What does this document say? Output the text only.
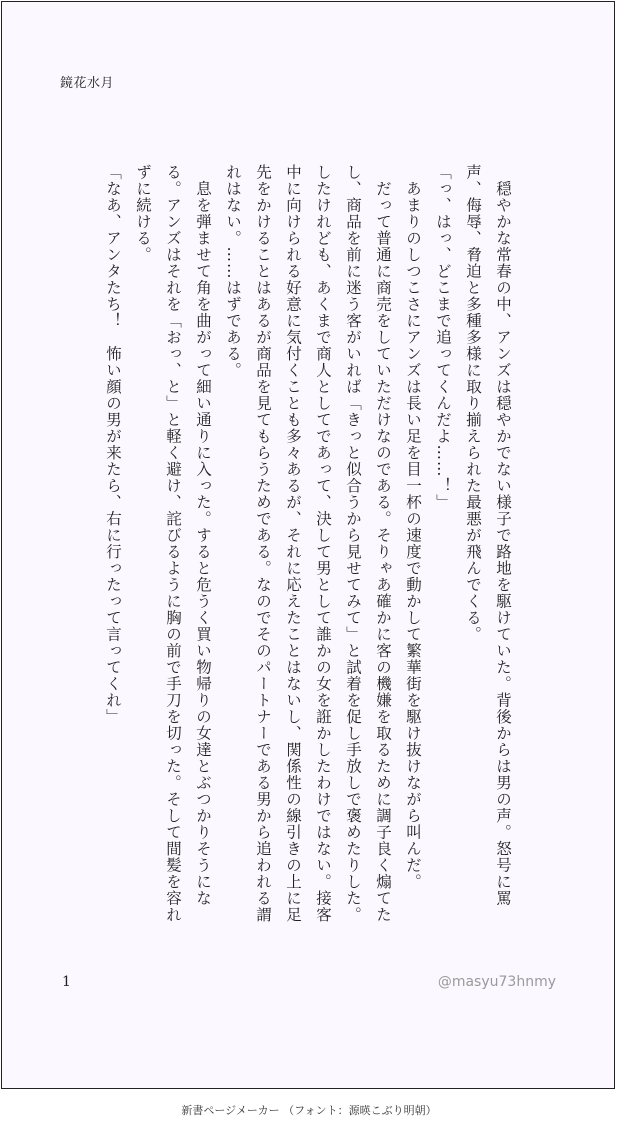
鏡花水月

　穏やかな常春の中、アンズは穏やかでない様子で路地を駆けていた。背後からは男の声。怒号に罵声、侮辱、脅迫と多種多様に取り揃えられた最悪が飛んでくる。

「っ、はっ、どこまで追ってくんだよ……！」

　あまりのしつこさにアンズは長い足を目一杯の速度で動かして繁華街を駆け抜けながら叫んだ。

　だって普通に商売をしていただけなのである。そりゃあ確かに客の機嫌を取るために調子良く煽てたし、商品を前に迷う客がいれば「きっと似合うから見せてみて」と試着を促し手放しで褒めたりした。したけれども、あくまで商人としてであって、決して男として誰かの女を誑かしたわけではない。接客中に向けられる好意に気付くことも多々あるが、それに応えたことはないし、関係性の線引きの上に足先をかけることはあるが商品を見てもらうためである。なのでそのパートナーである男から追われる謂れはない。……はずである。

　息を弾ませて角を曲がって細い通りに入った。すると危うく買い物帰りの女達とぶつかりそうになる。アンズはそれを「おっ、と」と軽く避け、詫びるように胸の前で手刀を切った。そして間髪を容れずに続ける。

「なあ、アンタたち！　怖い顔の男が来たら、右に行ったって言ってくれ」

1	@masyu73hnmy
新書ページメーカー （フォント：源暎こぶり明朝）
